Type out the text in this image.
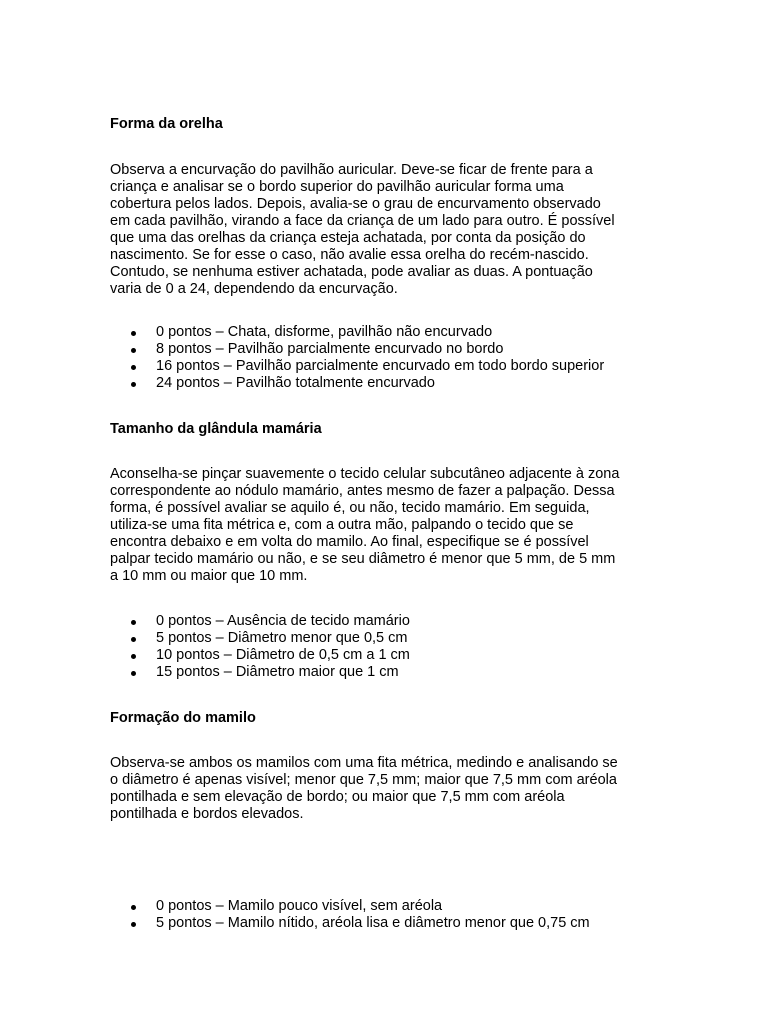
Forma da orelha
Observa a encurvação do pavilhão auricular. Deve-se ficar de frente para a
criança e analisar se o bordo superior do pavilhão auricular forma uma
cobertura pelos lados. Depois, avalia-se o grau de encurvamento observado
em cada pavilhão, virando a face da criança de um lado para outro. É possível
que uma das orelhas da criança esteja achatada, por conta da posição do
nascimento. Se for esse o caso, não avalie essa orelha do recém-nascido.
Contudo, se nenhuma estiver achatada, pode avaliar as duas. A pontuação
varia de 0 a 24, dependendo da encurvação.
0 pontos – Chata, disforme, pavilhão não encurvado
8 pontos – Pavilhão parcialmente encurvado no bordo
16 pontos – Pavilhão parcialmente encurvado em todo bordo superior
24 pontos – Pavilhão totalmente encurvado
Tamanho da glândula mamária
Aconselha-se pinçar suavemente o tecido celular subcutâneo adjacente à zona
correspondente ao nódulo mamário, antes mesmo de fazer a palpação. Dessa
forma, é possível avaliar se aquilo é, ou não, tecido mamário. Em seguida,
utiliza-se uma fita métrica e, com a outra mão, palpando o tecido que se
encontra debaixo e em volta do mamilo. Ao final, especifique se é possível
palpar tecido mamário ou não, e se seu diâmetro é menor que 5 mm, de 5 mm
a 10 mm ou maior que 10 mm.
0 pontos – Ausência de tecido mamário
5 pontos – Diâmetro menor que 0,5 cm
10 pontos – Diâmetro de 0,5 cm a 1 cm
15 pontos – Diâmetro maior que 1 cm
Formação do mamilo
Observa-se ambos os mamilos com uma fita métrica, medindo e analisando se
o diâmetro é apenas visível; menor que 7,5 mm; maior que 7,5 mm com aréola
pontilhada e sem elevação de bordo; ou maior que 7,5 mm com aréola
pontilhada e bordos elevados.
0 pontos – Mamilo pouco visível, sem aréola
5 pontos – Mamilo nítido, aréola lisa e diâmetro menor que 0,75 cm
